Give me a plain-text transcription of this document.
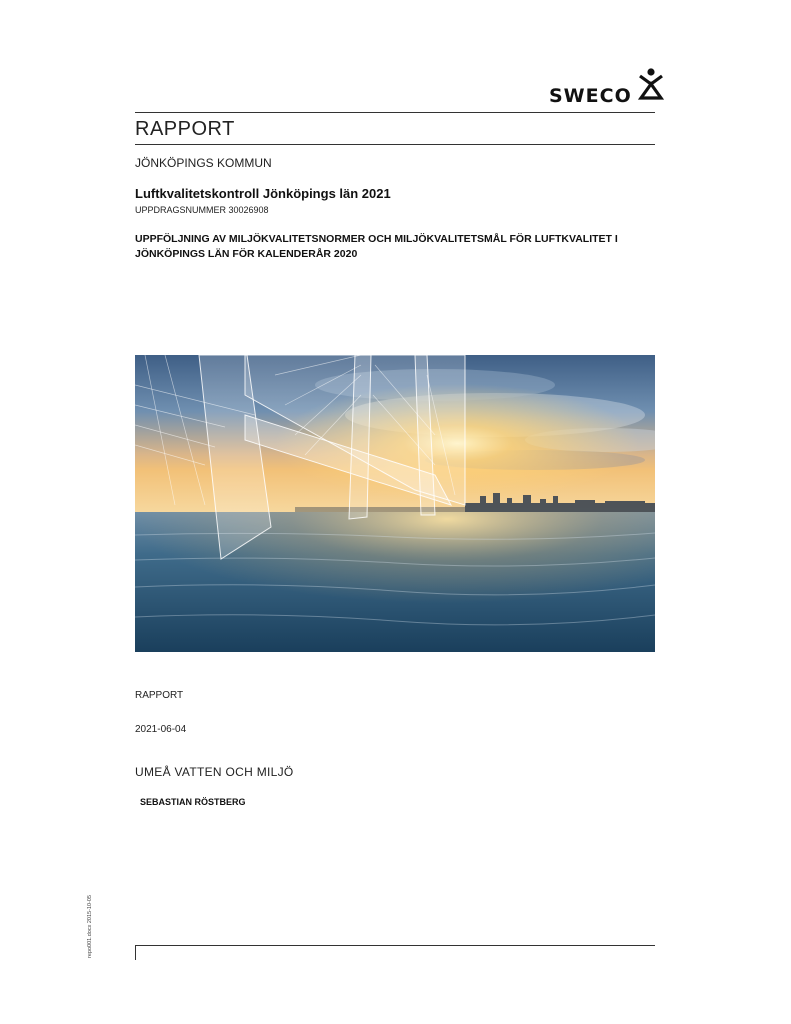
SWECO
RAPPORT
JÖNKÖPINGS KOMMUN
Luftkvalitetskontroll Jönköpings län 2021
UPPDRAGSNUMMER 30026908
UPPFÖLJNING AV MILJÖKVALITETSNORMER OCH MILJÖKVALITETSMÅL FÖR LUFTKVALITET I
JÖNKÖPINGS LÄN FÖR KALENDERÅR 2020
RAPPORT
2021-06-04
UMEÅ VATTEN OCH MILJÖ
SEBASTIAN RÖSTBERG
repo001.docx 2015-10-05
